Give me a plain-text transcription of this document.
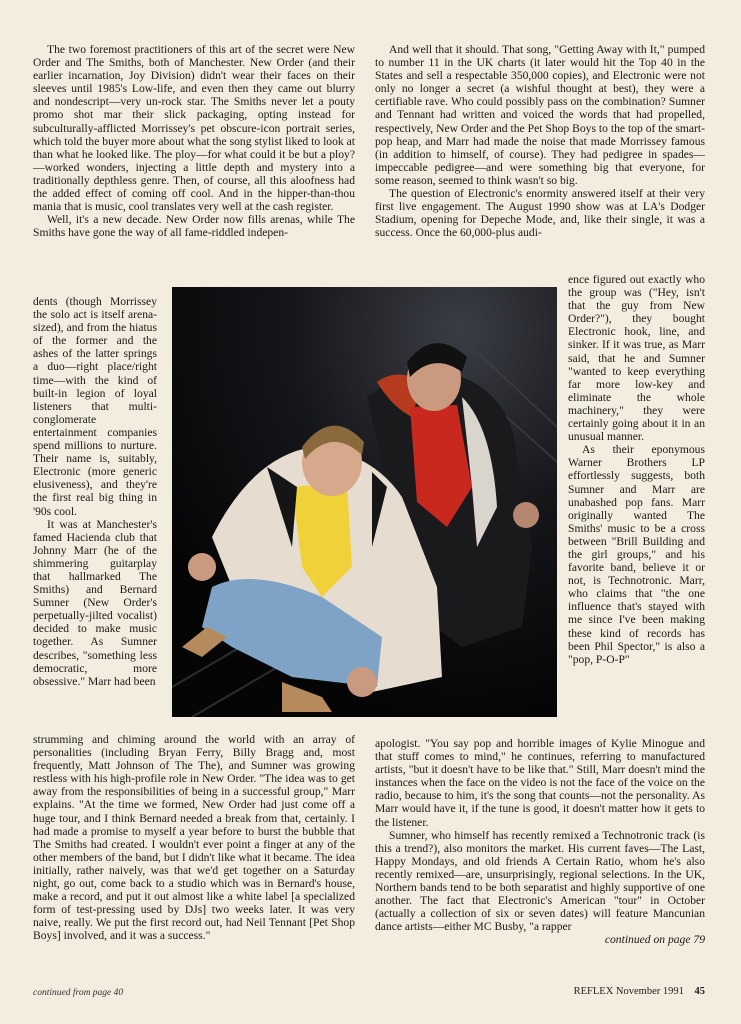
The two foremost practitioners of this art of the secret were New Order and The Smiths, both of Manchester. New Order (and their earlier incarnation, Joy Division) didn't wear their faces on their sleeves until 1985's Low-life, and even then they came out blurry and nondescript—very un-rock star. The Smiths never let a pouty promo shot mar their slick packaging, opting instead for subculturally-afflicted Morrissey's pet obscure-icon portrait series, which told the buyer more about what the song stylist liked to look at than what he looked like. The ploy—for what could it be but a ploy?—worked wonders, injecting a little depth and mystery into a traditionally depthless genre. Then, of course, all this aloofness had the added effect of coming off cool. And in the hipper-than-thou mania that is music, cool translates very well at the cash register.

Well, it's a new decade. New Order now fills arenas, while The Smiths have gone the way of all fame-riddled indepen-

dents (though Morrissey the solo act is itself arena-sized), and from the hiatus of the former and the ashes of the latter springs a duo—right place/right time—with the kind of built-in legion of loyal listeners that multi-conglomerate entertainment companies spend millions to nurture. Their name is, suitably, Electronic (more generic elusiveness), and they're the first real big thing in '90s cool.

It was at Manchester's famed Hacienda club that Johnny Marr (he of the shimmering guitarplay that hallmarked The Smiths) and Bernard Sumner (New Order's perpetually-jilted vocalist) decided to make music together. As Sumner describes, "something less democratic, more obsessive." Marr had been

strumming and chiming around the world with an array of personalities (including Bryan Ferry, Billy Bragg and, most frequently, Matt Johnson of The The), and Sumner was growing restless with his high-profile role in New Order. "The idea was to get away from the responsibilities of being in a successful group," Marr explains. "At the time we formed, New Order had just come off a huge tour, and I think Bernard needed a break from that, certainly. I had made a promise to myself a year before to burst the bubble that The Smiths had created. I wouldn't ever point a finger at any of the other members of the band, but I didn't like what it became. The idea initially, rather naively, was that we'd get together on a Saturday night, go out, come back to a studio which was in Bernard's house, make a record, and put it out almost like a white label [a specialized form of test-pressing used by DJs] two weeks later. It was very naive, really. We put the first record out, had Neil Tennant [Pet Shop Boys] involved, and it was a success."

And well that it should. That song, "Getting Away with It," pumped to number 11 in the UK charts (it later would hit the Top 40 in the States and sell a respectable 350,000 copies), and Electronic were not only no longer a secret (a wishful thought at best), they were a certifiable rave. Who could possibly pass on the combination? Sumner and Tennant had written and voiced the words that had propelled, respectively, New Order and the Pet Shop Boys to the top of the smart-pop heap, and Marr had made the noise that made Morrissey famous (in addition to himself, of course). They had pedigree in spades—impeccable pedigree—and were something big that everyone, for some reason, seemed to think wasn't so big.

The question of Electronic's enormity answered itself at their very first live engagement. The August 1990 show was at LA's Dodger Stadium, opening for Depeche Mode, and, like their single, it was a success. Once the 60,000-plus audi-

ence figured out exactly who the group was ("Hey, isn't that the guy from New Order?"), they bought Electronic hook, line, and sinker. If it was true, as Marr said, that he and Sumner "wanted to keep everything far more low-key and eliminate the whole machinery," they were certainly going about it in an unusual manner.

As their eponymous Warner Brothers LP effortlessly suggests, both Sumner and Marr are unabashed pop fans. Marr originally wanted The Smiths' music to be a cross between "Brill Building and the girl groups," and his favorite band, believe it or not, is Technotronic. Marr, who claims that "the one influence that's stayed with me since I've been making these kind of records has been Phil Spector," is also a "pop, P-O-P"

apologist. "You say pop and horrible images of Kylie Minogue and that stuff comes to mind," he continues, referring to manufactured artists, "but it doesn't have to be like that." Still, Marr doesn't mind the instances when the face on the video is not the face of the voice on the radio, because to him, it's the song that counts—not the personality. As Marr would have it, if the tune is good, it doesn't matter how it gets to the listener.

Sumner, who himself has recently remixed a Technotronic track (is this a trend?), also monitors the market. His current faves—The Last, Happy Mondays, and old friends A Certain Ratio, whom he's also recently remixed—are, unsurprisingly, regional selections. In the UK, Northern bands tend to be both separatist and highly supportive of one another. The fact that Electronic's American "tour" in October (actually a collection of six or seven dates) will feature Mancunian dance artists—either MC Busby, "a rapper

continued on page 79
continued from page 40	REFLEX November 1991 45
